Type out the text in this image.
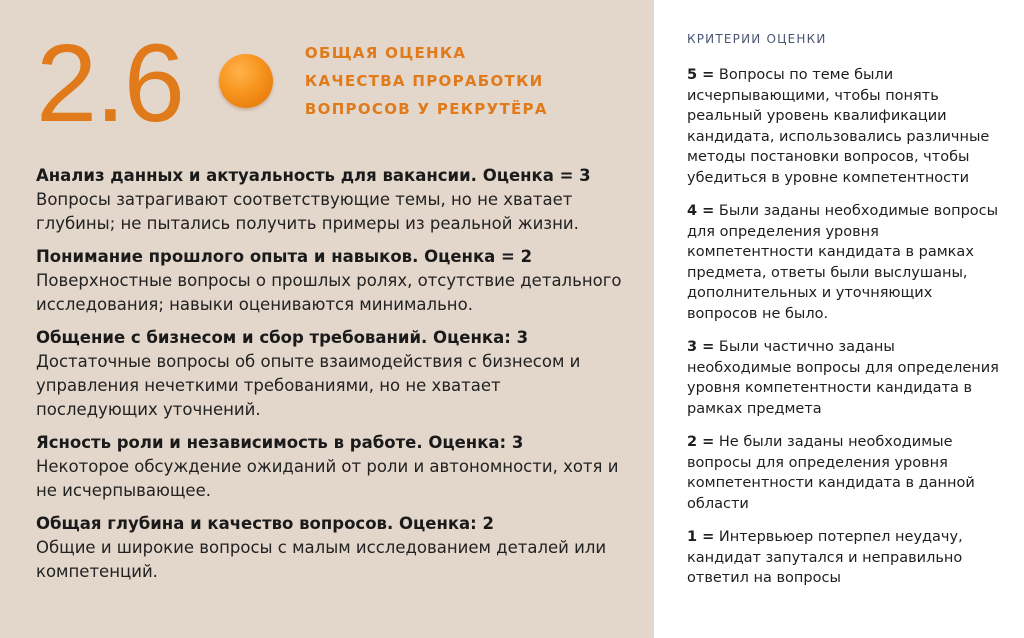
2.6	ОБЩАЯ ОЦЕНКА
КАЧЕСТВА ПРОРАБОТКИ
ВОПРОСОВ У РЕКРУТЁРА
Анализ данных и актуальность для вакансии. Оценка = 3
Вопросы затрагивают соответствующие темы, но не хватает глубины; не пытались получить примеры из реальной жизни.
Понимание прошлого опыта и навыков. Оценка = 2
Поверхностные вопросы о прошлых ролях, отсутствие детального исследования; навыки оцениваются минимально.
Общение с бизнесом и сбор требований. Оценка: 3
Достаточные вопросы об опыте взаимодействия с бизнесом и управления нечеткими требованиями, но не хватает последующих уточнений.
Ясность роли и независимость в работе. Оценка: 3
Некоторое обсуждение ожиданий от роли и автономности, хотя и не исчерпывающее.
Общая глубина и качество вопросов. Оценка: 2
Общие и широкие вопросы с малым исследованием деталей или компетенций.
КРИТЕРИИ ОЦЕНКИ
5 = Вопросы по теме были исчерпывающими, чтобы понять реальный уровень квалификации кандидата, использовались различные методы постановки вопросов, чтобы убедиться в уровне компетентности
4 = Были заданы необходимые вопросы для определения уровня компетентности кандидата в рамках предмета, ответы были выслушаны, дополнительных и уточняющих вопросов не было.
3 = Были частично заданы необходимые вопросы для определения уровня компетентности кандидата в рамках предмета
2 = Не были заданы необходимые вопросы для определения уровня компетентности кандидата в данной области
1 = Интервьюер потерпел неудачу, кандидат запутался и неправильно ответил на вопросы
